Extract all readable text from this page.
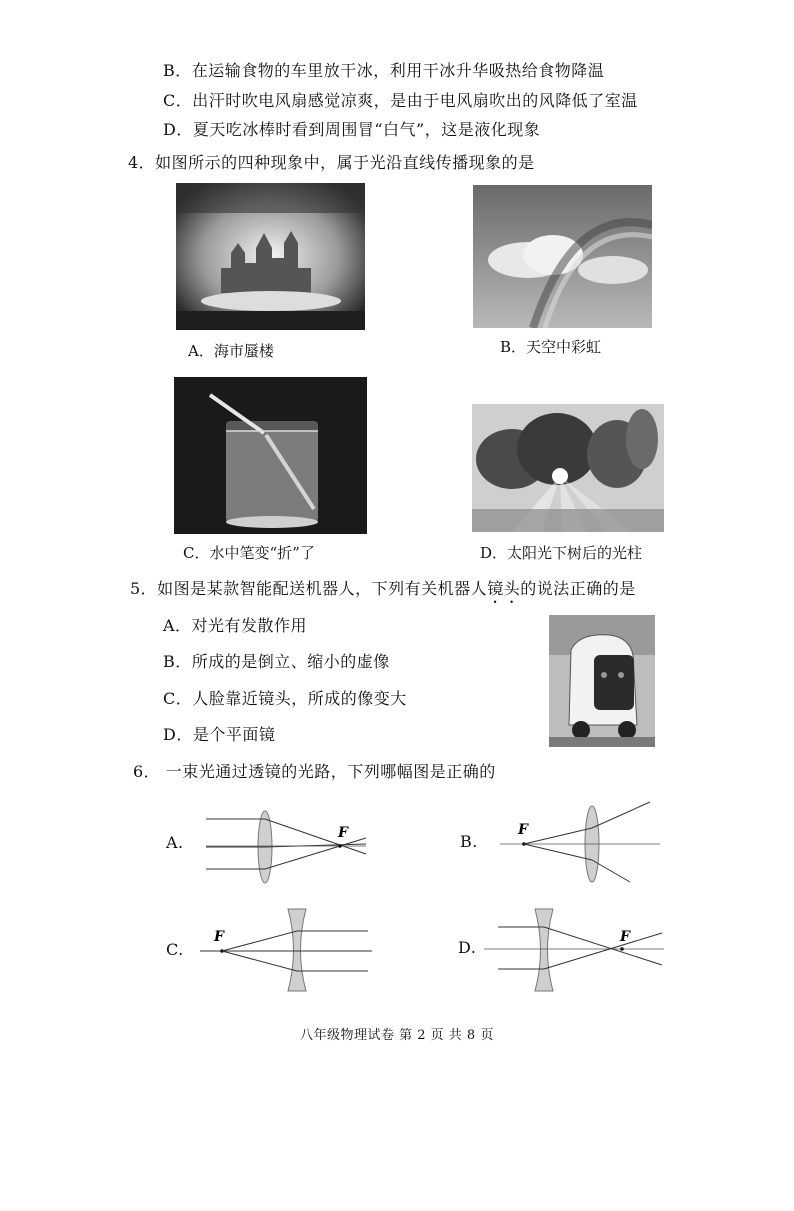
B．在运输食物的车里放干冰，利用干冰升华吸热给食物降温
C．出汗时吹电风扇感觉凉爽，是由于电风扇吹出的风降低了室温
D．夏天吃冰棒时看到周围冒“白气”，这是液化现象
4．如图所示的四种现象中，属于光沿直线传播现象的是
A．海市蜃楼	B．天空中彩虹
C．水中笔变“折”了	D．太阳光下树后的光柱
5．如图是某款智能配送机器人，下列有关机器人镜头的说法正确的是
A．对光有发散作用
B．所成的是倒立、缩小的虚像
C．人脸靠近镜头，所成的像变大
D．是个平面镜
6． 一束光通过透镜的光路，下列哪幅图是正确的
F
A.
F
B.
F
C.
F
D.
八年级物理试卷 第 2 页 共 8 页
